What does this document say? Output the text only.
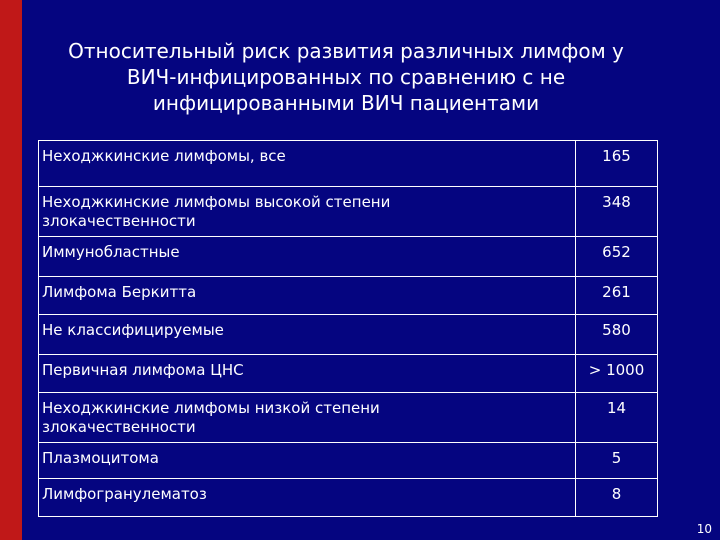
Относительный риск развития различных лимфом у
ВИЧ-инфицированных по сравнению с не
инфицированными ВИЧ пациентами
Неходжкинские лимфомы, все	165

Неходжкинские лимфомы высокой степени
злокачественности	348

Иммунобластные	652

Лимфома Беркитта	261

Не классифицируемые	580

Первичная лимфома ЦНС	> 1000

Неходжкинские лимфомы низкой степени
злокачественности	14

Плазмоцитома	5

Лимфогранулематоз	8
10
